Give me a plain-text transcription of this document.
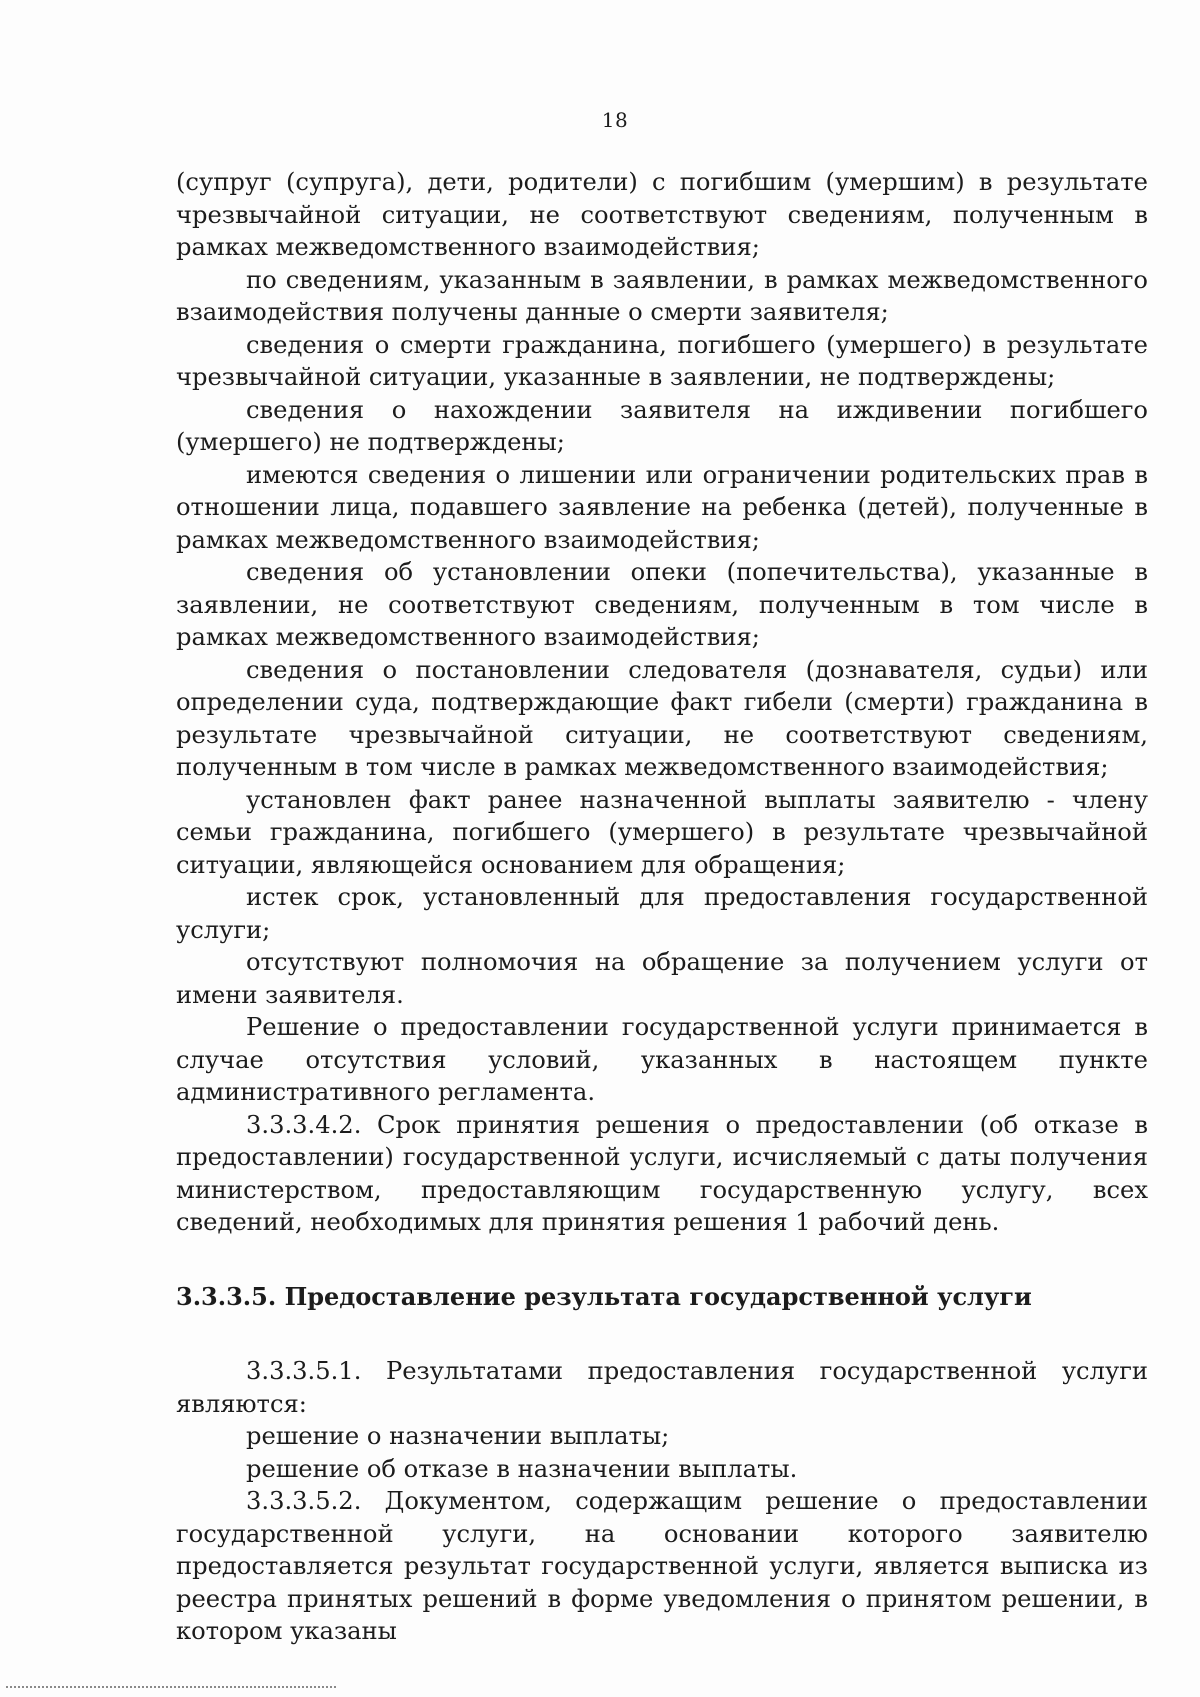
18

(супруг (супруга), дети, родители) с погибшим (умершим) в результате чрезвычайной ситуации, не соответствуют сведениям, полученным в рамках межведомственного взаимодействия;

по сведениям, указанным в заявлении, в рамках межведомственного взаимодействия получены данные о смерти заявителя;

сведения о смерти гражданина, погибшего (умершего) в результате чрезвычайной ситуации, указанные в заявлении, не подтверждены;

сведения о нахождении заявителя на иждивении погибшего (умершего) не подтверждены;

имеются сведения о лишении или ограничении родительских прав в отношении лица, подавшего заявление на ребенка (детей), полученные в рамках межведомственного взаимодействия;

сведения об установлении опеки (попечительства), указанные в заявлении, не соответствуют сведениям, полученным в том числе в рамках межведомственного взаимодействия;

сведения о постановлении следователя (дознавателя, судьи) или определении суда, подтверждающие факт гибели (смерти) гражданина в результате чрезвычайной ситуации, не соответствуют сведениям, полученным в том числе в рамках межведомственного взаимодействия;

установлен факт ранее назначенной выплаты заявителю - члену семьи гражданина, погибшего (умершего) в результате чрезвычайной ситуации, являющейся основанием для обращения;

истек срок, установленный для предоставления государственной услуги;

отсутствуют полномочия на обращение за получением услуги от имени заявителя.

Решение о предоставлении государственной услуги принимается в случае отсутствия условий, указанных в настоящем пункте административного регламента.

3.3.3.4.2. Срок принятия решения о предоставлении (об отказе в предоставлении) государственной услуги, исчисляемый с даты получения министерством, предоставляющим государственную услугу, всех сведений, необходимых для принятия решения 1 рабочий день.

3.3.3.5. Предоставление результата государственной услуги

3.3.3.5.1. Результатами предоставления государственной услуги являются:

решение о назначении выплаты;

решение об отказе в назначении выплаты.

3.3.3.5.2. Документом, содержащим решение о предоставлении государственной услуги, на основании которого заявителю предоставляется результат государственной услуги, является выписка из реестра принятых решений в форме уведомления о принятом решении, в котором указаны
